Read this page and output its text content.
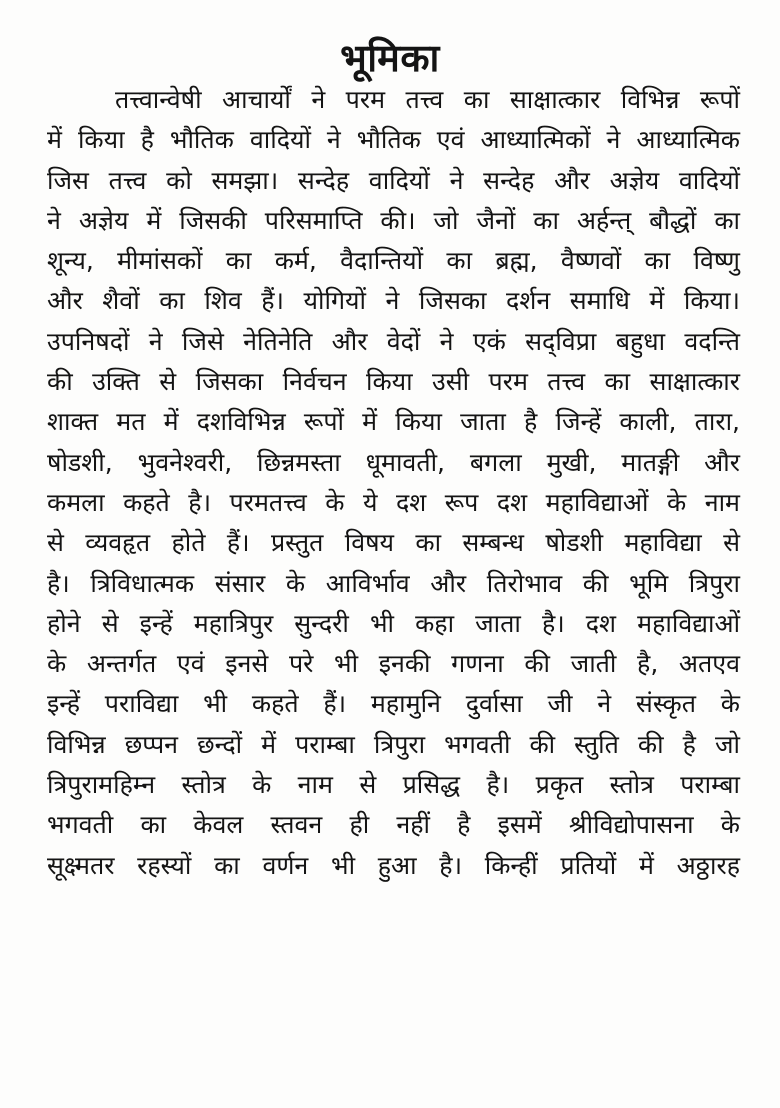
भूमिका
तत्त्वान्वेषी आचार्यों ने परम तत्त्व का साक्षात्कार विभिन्न रूपों
में किया है भौतिक वादियों ने भौतिक एवं आध्यात्मिकों ने आध्यात्मिक
जिस तत्त्व को समझा। सन्देह वादियों ने सन्देह और अज्ञेय वादियों
ने अज्ञेय में जिसकी परिसमाप्ति की। जो जैनों का अर्हन्त् बौद्धों का
शून्य, मीमांसकों का कर्म, वैदान्तियों का ब्रह्म, वैष्णवों का विष्णु
और शैवों का शिव हैं। योगियों ने जिसका दर्शन समाधि में किया।
उपनिषदों ने जिसे नेतिनेति और वेदों ने एकं सद्‌विप्रा बहुधा वदन्ति
की उक्ति से जिसका निर्वचन किया उसी परम तत्त्व का साक्षात्कार
शाक्त मत में दशविभिन्न रूपों में किया जाता है जिन्हें काली, तारा,
षोडशी, भुवनेश्वरी, छिन्नमस्ता धूमावती, बगला मुखी, मातङ्गी और
कमला कहते है। परमतत्त्व के ये दश रूप दश महाविद्याओं के नाम
से व्यवहृत होते हैं। प्रस्तुत विषय का सम्बन्ध षोडशी महाविद्या से
है। त्रिविधात्मक संसार के आविर्भाव और तिरोभाव की भूमि त्रिपुरा
होने से इन्हें महात्रिपुर सुन्दरी भी कहा जाता है। दश महाविद्याओं
के अन्तर्गत एवं इनसे परे भी इनकी गणना की जाती है, अतएव
इन्हें पराविद्या भी कहते हैं। महामुनि दुर्वासा जी ने संस्कृत के
विभिन्न छप्पन छन्दों में पराम्बा त्रिपुरा भगवती की स्तुति की है जो
त्रिपुरामहिम्न स्तोत्र के नाम से प्रसिद्ध है। प्रकृत स्तोत्र पराम्बा
भगवती का केवल स्तवन ही नहीं है इसमें श्रीविद्योपासना के
सूक्ष्मतर रहस्यों का वर्णन भी हुआ है। किन्हीं प्रतियों में अठ्ठारह
